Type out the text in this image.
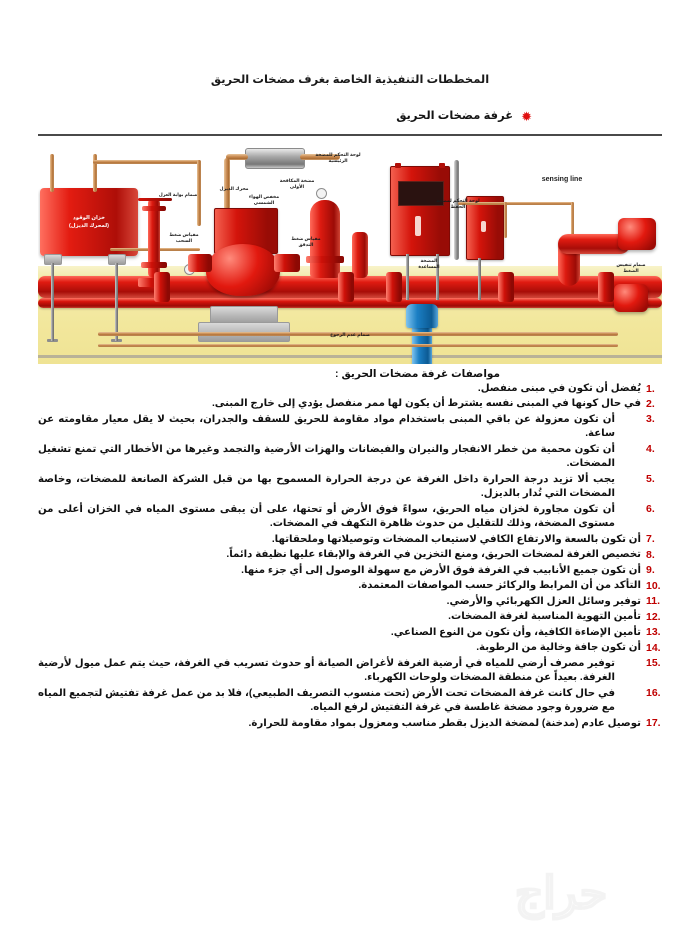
المخططات التنفيذية الخاصة بغرف مضخات الحريق
✹
غرفة مضخات الحريق
خزان الوقود
(لمحرك الديزل)
لوحة التحكم للمضخة الرئيسية
محرك الديزل
مخفض الهواء الشمسي
مضخة المكافحة الأولى
صمام بوابة العزل
مقياس ضغط السحب	مقياس ضغط التدفق
لوحة التحكم لمضخة الحفظ
المضخة المساعدة
صمام عدم الرجوع
صمام تنفيس الضغط
sensing line
مواصفات غرفة مضخات الحريق :
1.
يُفضل أن تكون في مبنى منفصل.
2.
في حال كونها في المبنى نفسه يشترط أن يكون لها ممر منفصل يؤدي إلى خارج المبنى.
3.
أن تكون معزولة عن باقي المبنى باستخدام مواد مقاومة للحريق للسقف والجدران، بحيث لا يقل معيار مقاومته عن ساعة.
4.
أن تكون محمية من خطر الانفجار والنيران والفيضانات والهزات الأرضية والتجمد وغيرها من الأخطار التي تمنع تشغيل المضخات.
5.
يجب ألا تزيد درجة الحرارة داخل الغرفة عن درجة الحرارة المسموح بها من قبل الشركة الصانعة للمضخات، وخاصة المضخات التي تُدار بالديزل.
6.
أن تكون مجاورة لخزان مياه الحريق، سواءً فوق الأرض أو تحتها، على أن يبقى مستوى المياه في الخزان أعلى من مستوى المضخة، وذلك للتقليل من حدوث ظاهرة التكهف في المضخات.
7.
أن تكون بالسعة والارتفاع الكافي لاستيعاب المضخات وتوصيلاتها وملحقاتها.
8.
تخصيص الغرفة لمضخات الحريق، ومنع التخزين في الغرفة والإبقاء عليها نظيفة دائماً.
9.
أن تكون جميع الأنابيب في الغرفة فوق الأرض مع سهولة الوصول إلى أي جزء منها.
10.
التأكد من أن المرابط والركائز حسب المواصفات المعتمدة.
11.
توفير وسائل العزل الكهربائي والأرضي.
12.
تأمين التهوية المناسبة لغرفة المضخات.
13.
تأمين الإضاءة الكافية، وأن تكون من النوع الصناعي.
14.
أن تكون جافة وخالية من الرطوبة.
15.
توفير مصرف أرضي للمياه في أرضية الغرفة لأغراض الصيانة أو حدوث تسريب في الغرفة، حيث يتم عمل ميول لأرضية الغرفة. بعيداً عن منطقة المضخات ولوحات الكهرباء.
16.
في حال كانت غرفة المضخات تحت الأرض (تحت منسوب التصريف الطبيعي)، فلا بد من عمل غرفة تفتيش لتجميع المياه مع ضرورة وجود مضخة غاطسة في غرفة التفتيش لرفع المياه.
17.
توصيل عادم (مدخنة) لمضخة الديزل بقطر مناسب ومعزول بمواد مقاومة للحرارة.
حراج
